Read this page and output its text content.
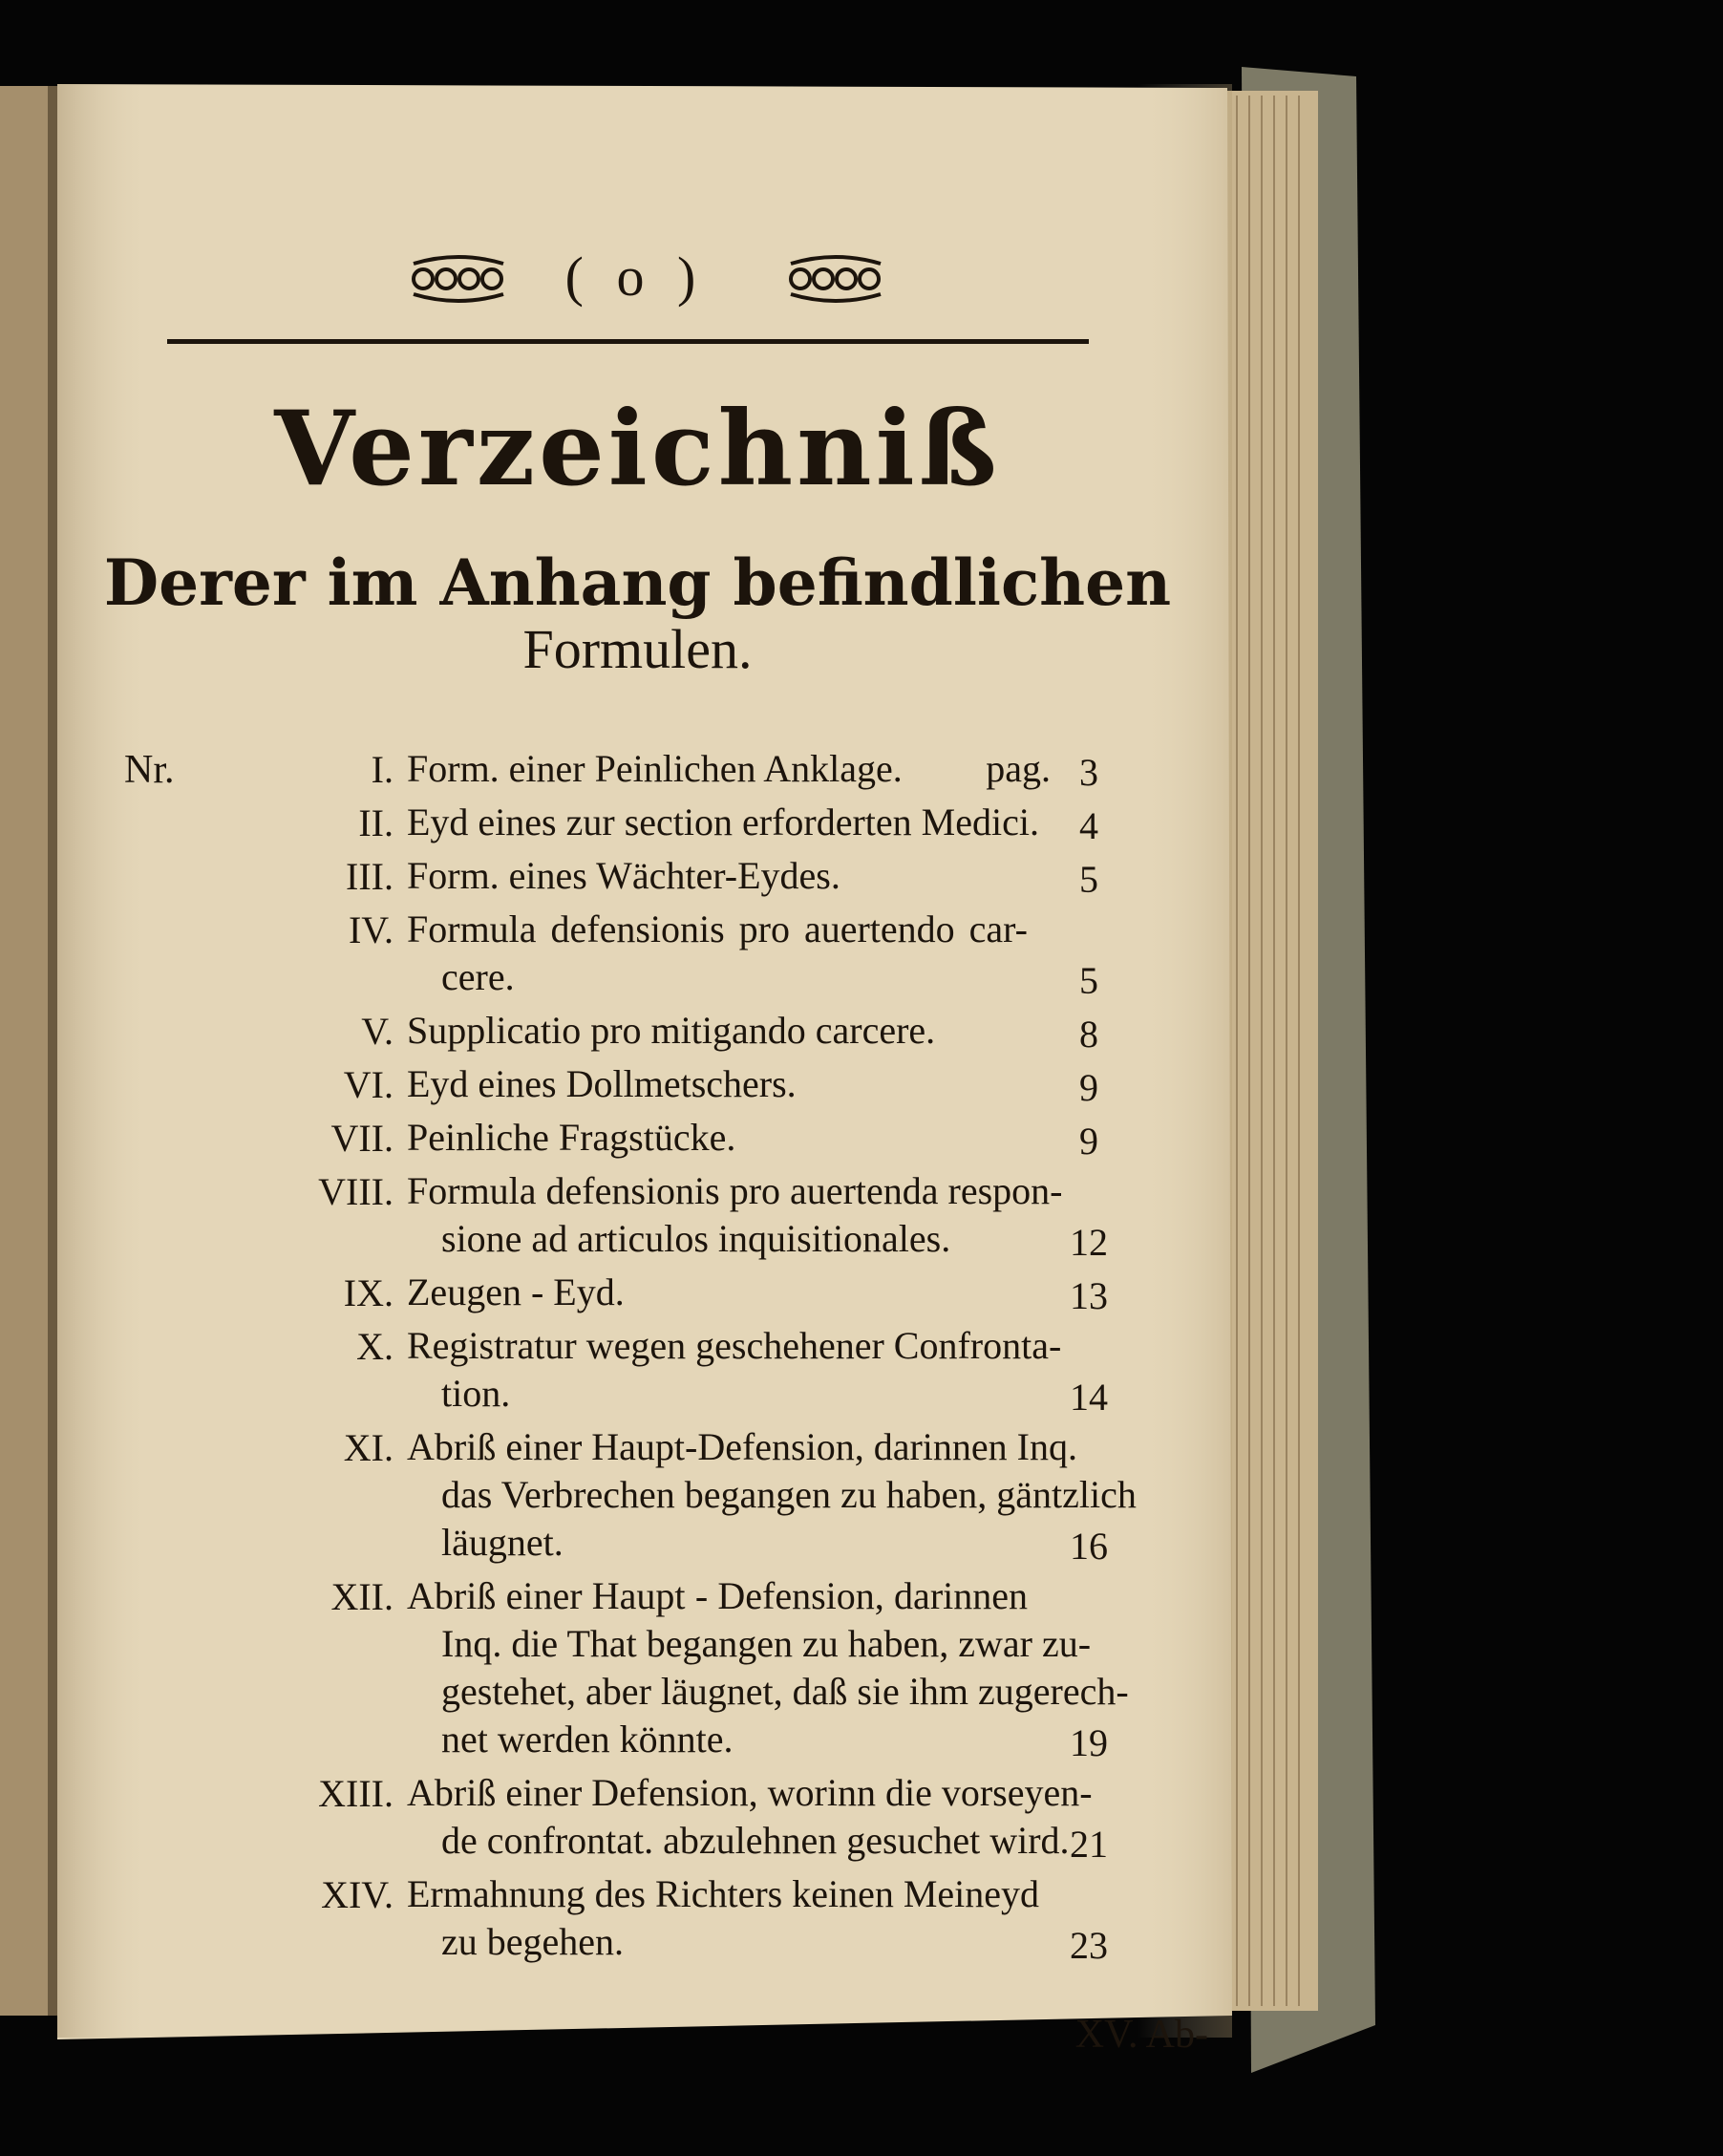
( o )
Verzeichniß
Derer im Anhang befindlichen
Formulen.
Nr.	pag.
I. Form. einer Peinlichen Anklage.	3
II. Eyd eines zur section erforderten Medici.	4
III. Form. eines Wächter-Eydes.	5
IV. Formula defensionis pro auertendo car-
cere.	5
V. Supplicatio pro mitigando carcere.	8
VI. Eyd eines Dollmetschers.	9
VII. Peinliche Fragstücke.	9
VIII. Formula defensionis pro auertenda respon-
sione ad articulos inquisitionales.	12
IX. Zeugen - Eyd.	13
X. Registratur wegen geschehener Confronta-
tion.	14
XI. Abriß einer Haupt-Defension, darinnen Inq.
das Verbrechen begangen zu haben, gäntzlich
läugnet.	16
XII. Abriß einer Haupt - Defension, darinnen
Inq. die That begangen zu haben, zwar zu-
gestehet, aber läugnet, daß sie ihm zugerech-
net werden könnte.	19
XIII. Abriß einer Defension, worinn die vorseyen-
de confrontat. abzulehnen gesuchet wird. 21
XIV. Ermahnung des Richters keinen Meineyd
zu begehen.	23
XV. Ab-
